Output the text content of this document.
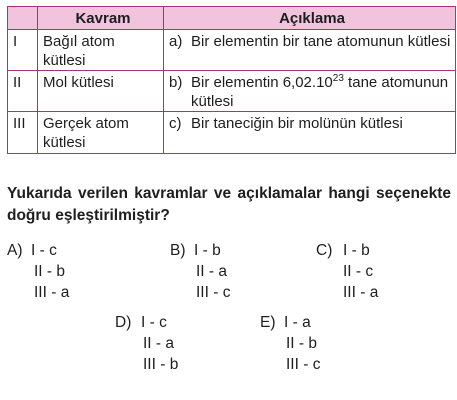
	Kavram	Açıklama

I	Bağıl atom kütlesi	a) Bir elementin bir tane atomunun kütlesi

II	Mol kütlesi	b) Bir elementin 6,02.10$^{23}$ tane atomunun kütlesi

III	Gerçek atom kütlesi	c) Bir taneciğin bir molünün kütlesi
Yukarıda verilen kavramlar ve açıklamalar hangi seçenekte doğru eşleştirilmiştir?
A) I - c
II - b
III - a
B) I - b
II - a
III - c
C) I - b
II - c
III - a
D) I - c
II - a
III - b
E) I - a
II - b
III - c
